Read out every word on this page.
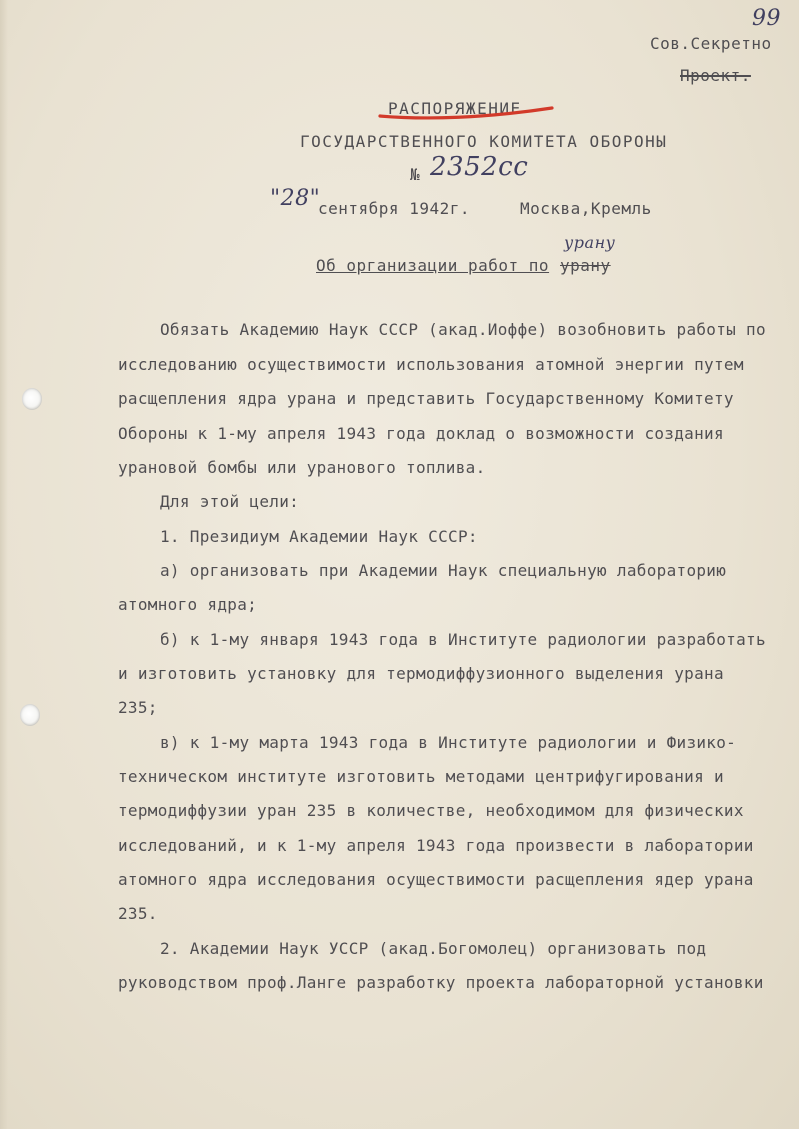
99
Сов.Секретно
Проект.
РАСПОРЯЖЕНИЕ
ГОСУДАРСТВЕННОГО КОМИТЕТА ОБОРОНЫ
№ 2352сс
"28"
сентября 1942г.	Москва,Кремль
Об организации работ по урану
урану
Обязать Академию Наук СССР (акад.Иоффе) возобновить работы по
исследованию осуществимости использования атомной энергии путем
расщепления ядра урана и представить Государственному Комитету
Обороны к 1-му апреля 1943 года доклад о возможности создания
урановой бомбы или уранового топлива.
Для этой цели:
1. Президиум Академии Наук СССР:
а) организовать при Академии Наук специальную лабораторию
атомного ядра;
б) к 1-му января 1943 года в Институте радиологии разработать
и изготовить установку для термодиффузионного выделения урана
235;
в) к 1-му марта 1943 года в Институте радиологии и Физико-
техническом институте изготовить методами центрифугирования и
термодиффузии уран 235 в количестве, необходимом для физических
исследований, и к 1-му апреля 1943 года произвести в лаборатории
атомного ядра исследования осуществимости расщепления ядер урана
235.
2. Академии Наук УССР (акад.Богомолец) организовать под
руководством проф.Ланге разработку проекта лабораторной установки
